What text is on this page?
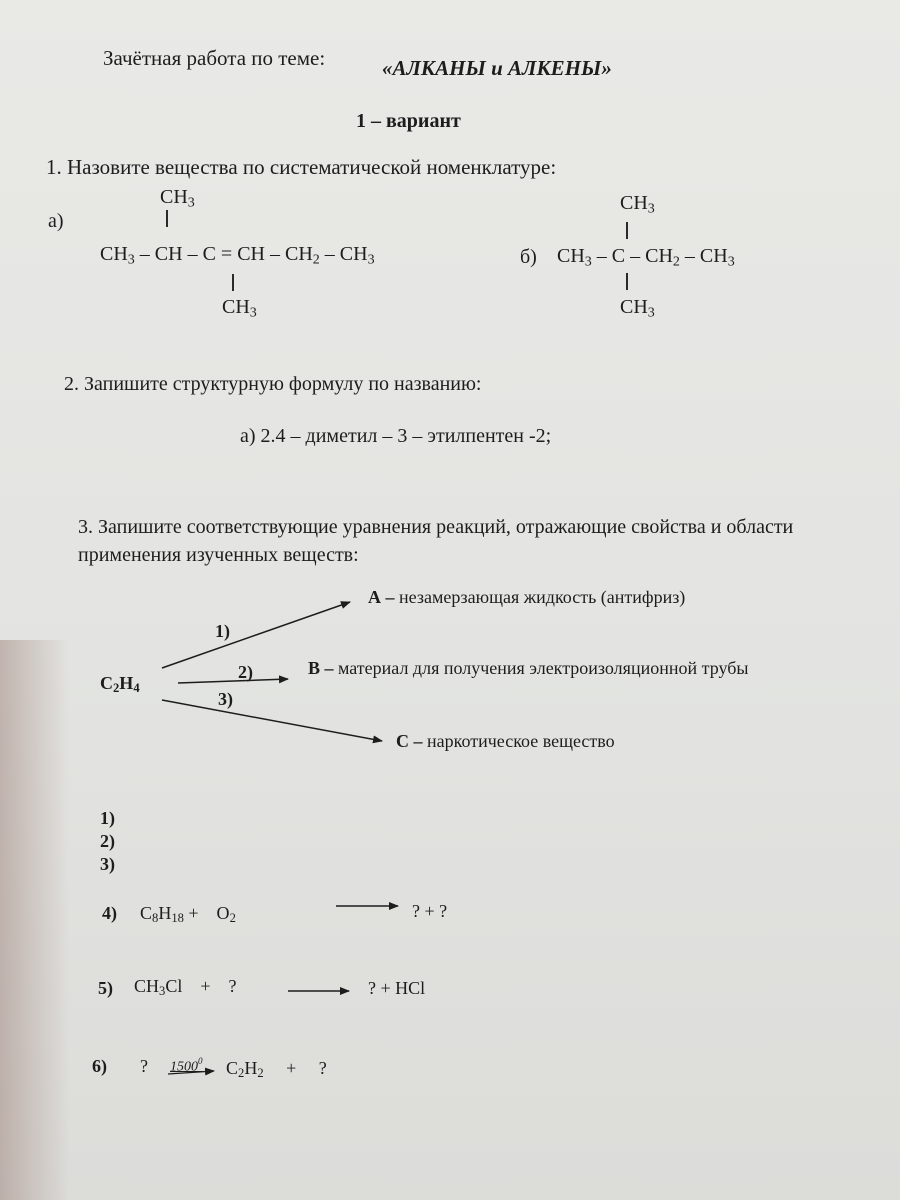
Зачётная работа по теме:	«АЛКАНЫ и АЛКЕНЫ»
1 – вариант
1. Назовите вещества по систематической номенклатуре:
а)
$CH_3$
$CH_3$ – CH – C = CH – $CH_2 - CH_3$
$CH_3$
б)
$CH_3$
$CH_3$ – C – $CH_2 - CH_3$
$CH_3$
2. Запишите структурную формулу по названию:
а) 2.4 – диметил – 3 – этилпентен -2;
3. Запишите соответствующие уравнения реакций, отражающие свойства и области
применения изученных веществ:
$C_2H_4$
1)
2)
3)
А – незамерзающая жидкость (антифриз)
В – материал для получения электроизоляционной трубы
С – наркотическое вещество
1)
2)
3)
4) $C_8H_{18}$ +    $O_2$	? + ?
5) $CH_3Cl$    +    ?	? + HCl
6) ? 1500$^0$ $C_2H_2$     +     ?
